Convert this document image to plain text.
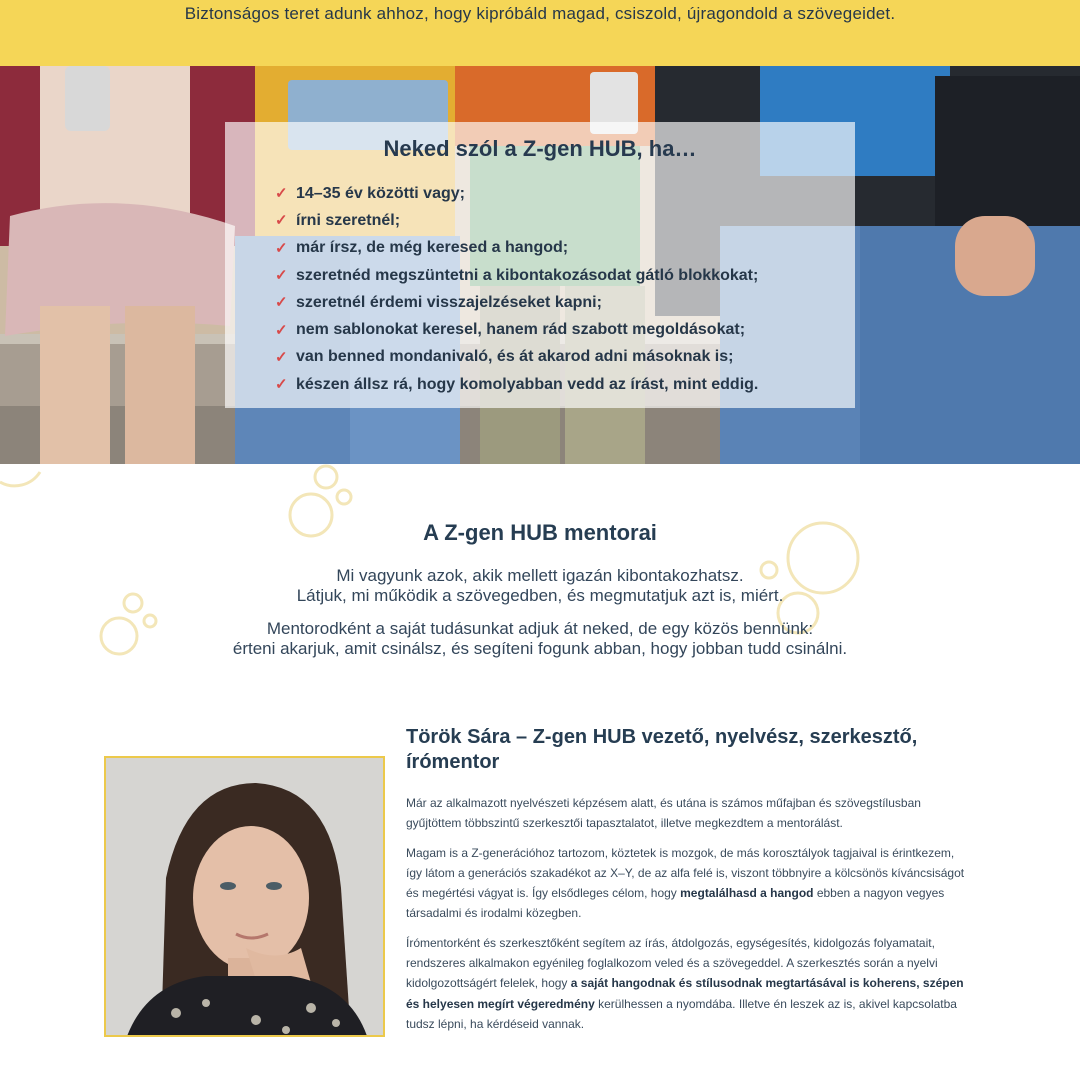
Biztonságos teret adunk ahhoz, hogy kipróbáld magad, csiszold, újragondold a szövegeidet.
Neked szól a Z-gen HUB, ha…
✓ 14–35 év közötti vagy;
✓ írni szeretnél;
✓ már írsz, de még keresed a hangod;
✓ szeretnéd megszüntetni a kibontakozásodat gátló blokkokat;
✓ szeretnél érdemi visszajelzéseket kapni;
✓ nem sablonokat keresel, hanem rád szabott megoldásokat;
✓ van benned mondanivaló, és át akarod adni másoknak is;
✓ készen állsz rá, hogy komolyabban vedd az írást, mint eddig.
A Z-gen HUB mentorai

Mi vagyunk azok, akik mellett igazán kibontakozhatsz.

Látjuk, mi működik a szövegedben, és megmutatjuk azt is, miért.

Mentorodként a saját tudásunkat adjuk át neked, de egy közös bennünk:

érteni akarjuk, amit csinálsz, és segíteni fogunk abban, hogy jobban tudd csinálni.

Török Sára – Z-gen HUB vezető, nyelvész, szerkesztő, írómentor

Már az alkalmazott nyelvészeti képzésem alatt, és utána is számos műfajban és szövegstílusban gyűjtöttem többszintű szerkesztői tapasztalatot, illetve megkezdtem a mentorálást.

Magam is a Z-generációhoz tartozom, köztetek is mozgok, de más korosztályok tagjaival is érintkezem, így látom a generációs szakadékot az X–Y, de az alfa felé is, viszont többnyire a kölcsönös kíváncsiságot és megértési vágyat is. Így elsődleges célom, hogy megtalálhasd a hangod ebben a nagyon vegyes társadalmi és irodalmi közegben.

Írómentorként és szerkesztőként segítem az írás, átdolgozás, egységesítés, kidolgozás folyamatait, rendszeres alkalmakon egyénileg foglalkozom veled és a szövegeddel. A szerkesztés során a nyelvi kidolgozottságért felelek, hogy a saját hangodnak és stílusodnak megtartásával is koherens, szépen és helyesen megírt végeredmény kerülhessen a nyomdába. Illetve én leszek az is, akivel kapcsolatba tudsz lépni, ha kérdéseid vannak.
